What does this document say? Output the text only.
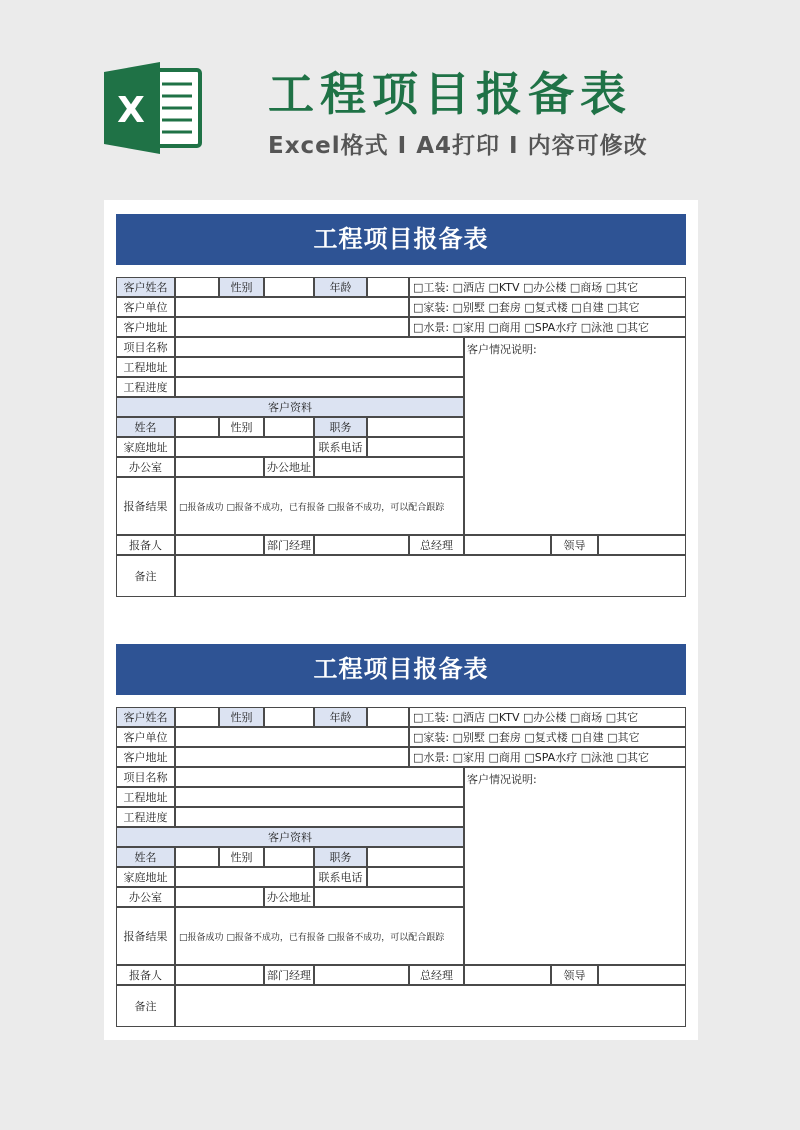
X	工程项目报备表
Excel格式 I A4打印 I 内容可修改
工程项目报备表
客户姓名	性别	年龄	□工装: □酒店 □KTV □办公楼 □商场 □其它
客户单位	□家装: □别墅 □套房 □复式楼 □自建 □其它
客户地址	□水景: □家用 □商用 □SPA水疗 □泳池 □其它
项目名称	客户情况说明:
工程地址
工程进度
客户资料
姓名	性别	职务
家庭地址	联系电话
办公室	办公地址
报备结果	□报备成功 □报备不成功，已有报备 □报备不成功，可以配合跟踪
报备人	部门经理	总经理	领导
备注
工程项目报备表
客户姓名	性别	年龄	□工装: □酒店 □KTV □办公楼 □商场 □其它
客户单位	□家装: □别墅 □套房 □复式楼 □自建 □其它
客户地址	□水景: □家用 □商用 □SPA水疗 □泳池 □其它
项目名称	客户情况说明:
工程地址
工程进度
客户资料
姓名	性别	职务
家庭地址	联系电话
办公室	办公地址
报备结果	□报备成功 □报备不成功，已有报备 □报备不成功，可以配合跟踪
报备人	部门经理	总经理	领导
备注
